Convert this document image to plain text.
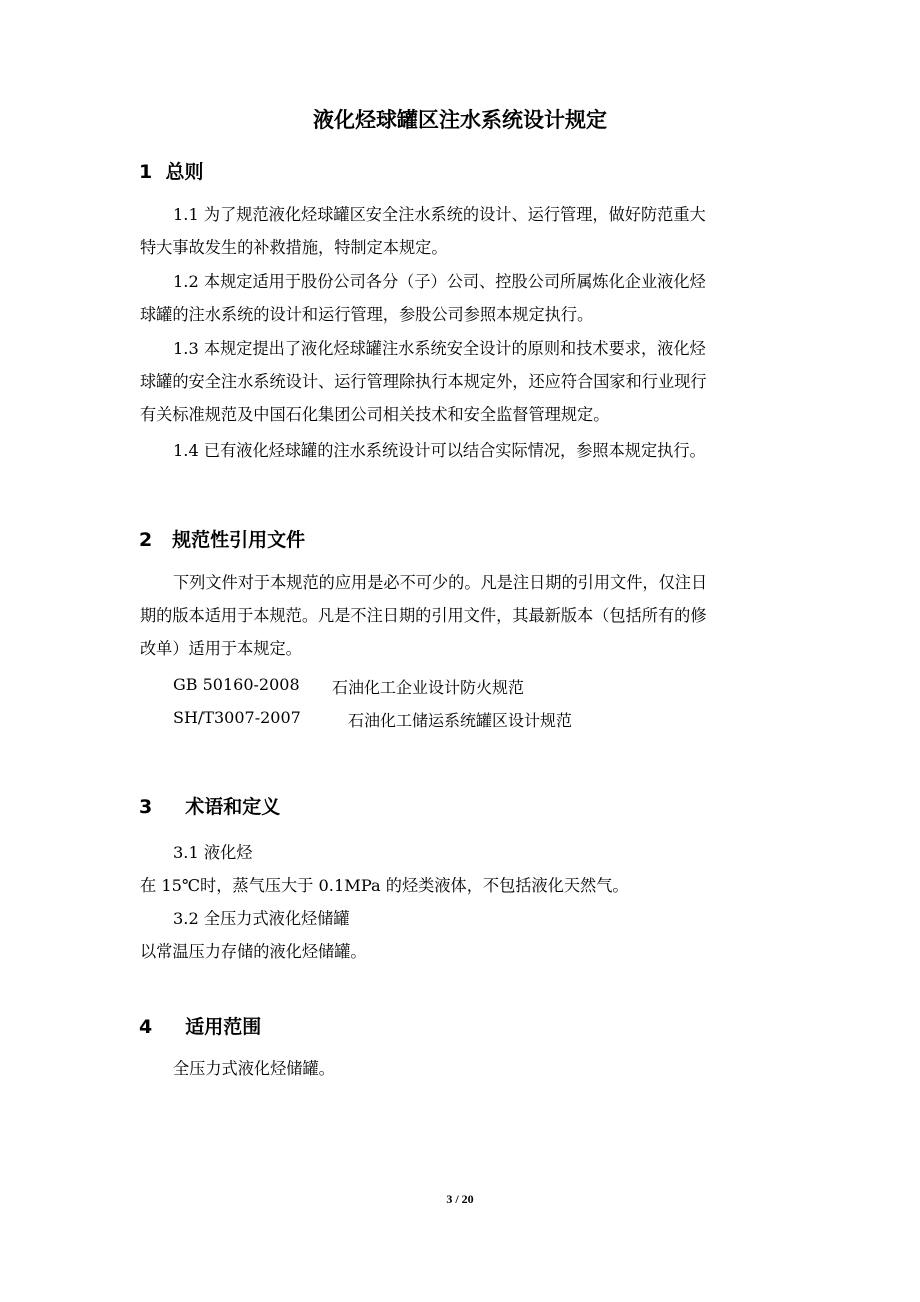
液化烃球罐区注水系统设计规定
1  总则
1.1 为了规范液化烃球罐区安全注水系统的设计、运行管理，做好防范重大
特大事故发生的补救措施，特制定本规定。
1.2 本规定适用于股份公司各分（子）公司、控股公司所属炼化企业液化烃
球罐的注水系统的设计和运行管理，参股公司参照本规定执行。
1.3 本规定提出了液化烃球罐注水系统安全设计的原则和技术要求，液化烃
球罐的安全注水系统设计、运行管理除执行本规定外，还应符合国家和行业现行
有关标准规范及中国石化集团公司相关技术和安全监督管理规定。
1.4 已有液化烃球罐的注水系统设计可以结合实际情况，参照本规定执行。
2   规范性引用文件
下列文件对于本规范的应用是必不可少的。凡是注日期的引用文件，仅注日
期的版本适用于本规范。凡是不注日期的引用文件，其最新版本（包括所有的修
改单）适用于本规定。
GB 50160-2008 石油化工企业设计防火规范
SH/T3007-2007	石油化工储运系统罐区设计规范
3     术语和定义
3.1 液化烃
在 15℃时，蒸气压大于 0.1MPa 的烃类液体，不包括液化天然气。
3.2 全压力式液化烃储罐
以常温压力存储的液化烃储罐。
4     适用范围
全压力式液化烃储罐。
3 / 20
